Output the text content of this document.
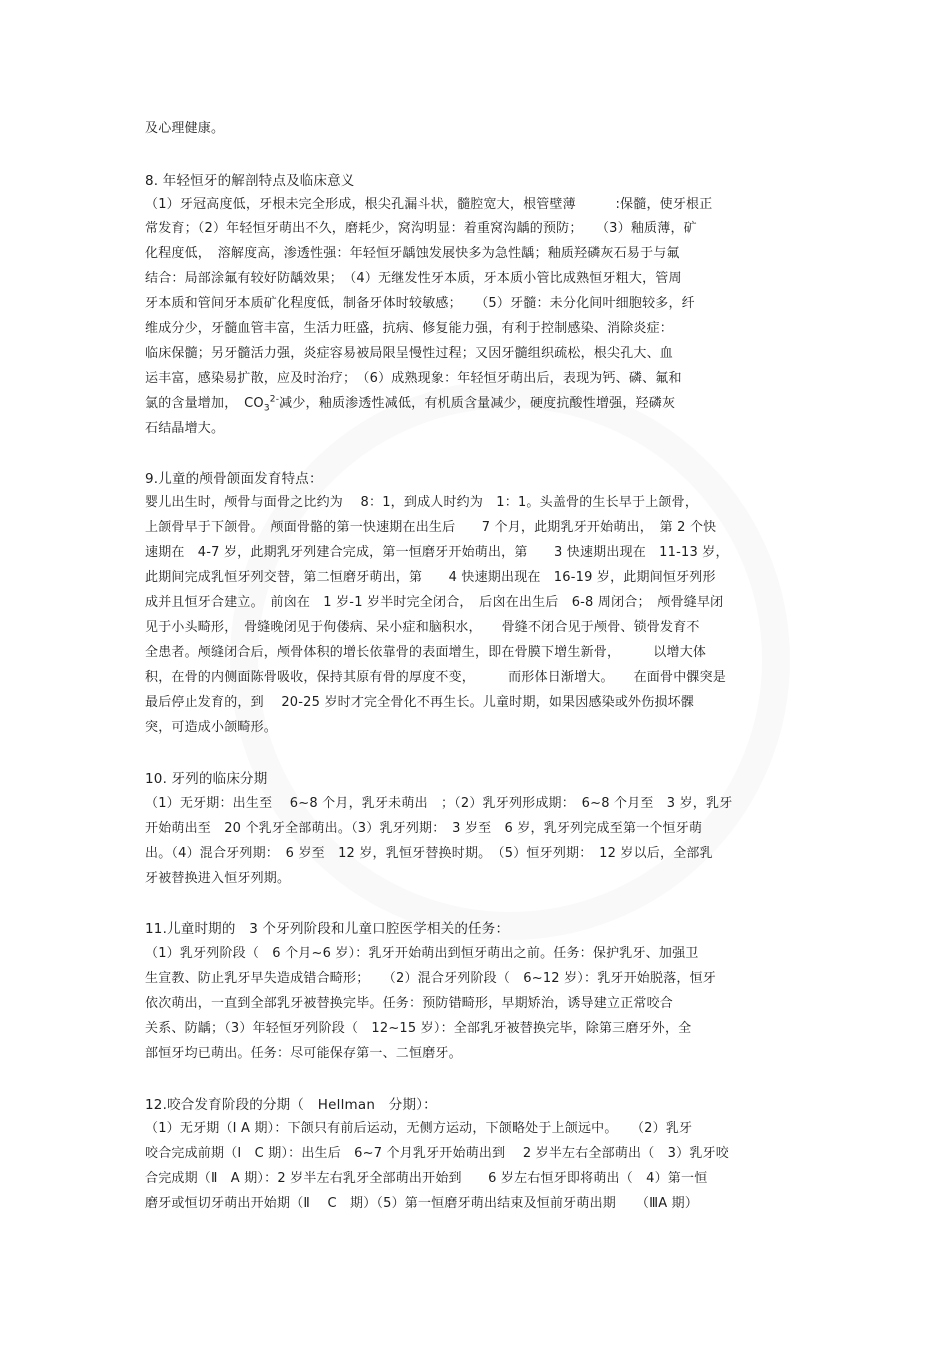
及心理健康。
8. 年轻恒牙的解剖特点及临床意义
（1）牙冠高度低，牙根未完全形成，根尖孔漏斗状，髓腔宽大，根管壁薄　　　:保髓，使牙根正
常发育；（2）年轻恒牙萌出不久，磨耗少，窝沟明显：着重窝沟龋的预防；　　（3）釉质薄，矿
化程度低，　溶解度高，渗透性强：年轻恒牙龋蚀发展快多为急性龋；釉质羟磷灰石易于与氟
结合：局部涂氟有较好防龋效果；　（4）无继发性牙本质，牙本质小管比成熟恒牙粗大，管周
牙本质和管间牙本质矿化程度低，制备牙体时较敏感；　　（5）牙髓：未分化间叶细胞较多，纤
维成分少，牙髓血管丰富，生活力旺盛，抗病、修复能力强，有利于控制感染、消除炎症：
临床保髓；另牙髓活力强，炎症容易被局限呈慢性过程；又因牙髓组织疏松，根尖孔大、血
运丰富，感染易扩散，应及时治疗；　（6）成熟现象：年轻恒牙萌出后，表现为钙、磷、氟和
氯的含量增加，　$CO_3^{2-}$减少，釉质渗透性减低，有机质含量减少，硬度抗酸性增强，羟磷灰
石结晶增大。
9.儿童的颅骨颌面发育特点：
婴儿出生时，颅骨与面骨之比约为　 8：1，到成人时约为　1：1。头盖骨的生长早于上颌骨，
上颌骨早于下颌骨。　颅面骨骼的第一快速期在出生后　　7 个月，此期乳牙开始萌出，　第 2 个快
速期在　4-7 岁，此期乳牙列建合完成，第一恒磨牙开始萌出，第　　3 快速期出现在　11-13 岁，
此期间完成乳恒牙列交替，第二恒磨牙萌出，第　　4 快速期出现在　16-19 岁，此期间恒牙列形
成并且恒牙合建立。　前囟在　1 岁-1 岁半时完全闭合，　后囟在出生后　6-8 周闭合；　颅骨缝早闭
见于小头畸形，　骨缝晚闭见于佝偻病、呆小症和脑积水，　　骨缝不闭合见于颅骨、锁骨发育不
全患者。颅缝闭合后，颅骨体积的增长依靠骨的表面增生，即在骨膜下增生新骨，　　　以增大体
积，在骨的内侧面陈骨吸收，保持其原有骨的厚度不变，　　　而形体日渐增大。　　在面骨中髁突是
最后停止发育的，到　 20-25 岁时才完全骨化不再生长。儿童时期，如果因感染或外伤损坏髁
突，可造成小颌畸形。
10. 牙列的临床分期
（1）无牙期：出生至　 6~8 个月，乳牙未萌出　；（2）乳牙列形成期：　6~8 个月至　3 岁，乳牙
开始萌出至　20 个乳牙全部萌出。（3）乳牙列期：　3 岁至　6 岁，乳牙列完成至第一个恒牙萌
出。（4）混合牙列期：　6 岁至　12 岁，乳恒牙替换时期。　（5）恒牙列期：　12 岁以后，全部乳
牙被替换进入恒牙列期。
11.儿童时期的　3 个牙列阶段和儿童口腔医学相关的任务：
（1）乳牙列阶段（　6 个月~6 岁）：乳牙开始萌出到恒牙萌出之前。任务：保护乳牙、加强卫
生宣教、防止乳牙早失造成错合畸形；　　（2）混合牙列阶段（　6~12 岁）：乳牙开始脱落，恒牙
依次萌出，一直到全部乳牙被替换完毕。任务：预防错畸形，早期矫治，诱导建立正常咬合
关系、防龋；（3）年轻恒牙列阶段（　12~15 岁）：全部乳牙被替换完毕，除第三磨牙外，全
部恒牙均已萌出。任务：尽可能保存第一、二恒磨牙。
12.咬合发育阶段的分期（　Hellman　分期）：
（1）无牙期（Ⅰ A 期）：下颌只有前后运动，无侧方运动，下颌略处于上颌远中。　　（2）乳牙
咬合完成前期（Ⅰ　C 期）：出生后　6~7 个月乳牙开始萌出到　 2 岁半左右全部萌出（　3）乳牙咬
合完成期（Ⅱ　A 期）：2 岁半左右乳牙全部萌出开始到　　6 岁左右恒牙即将萌出（　4）第一恒
磨牙或恒切牙萌出开始期（Ⅱ　 C　期）（5）第一恒磨牙萌出结束及恒前牙萌出期　　（ⅢA 期）
